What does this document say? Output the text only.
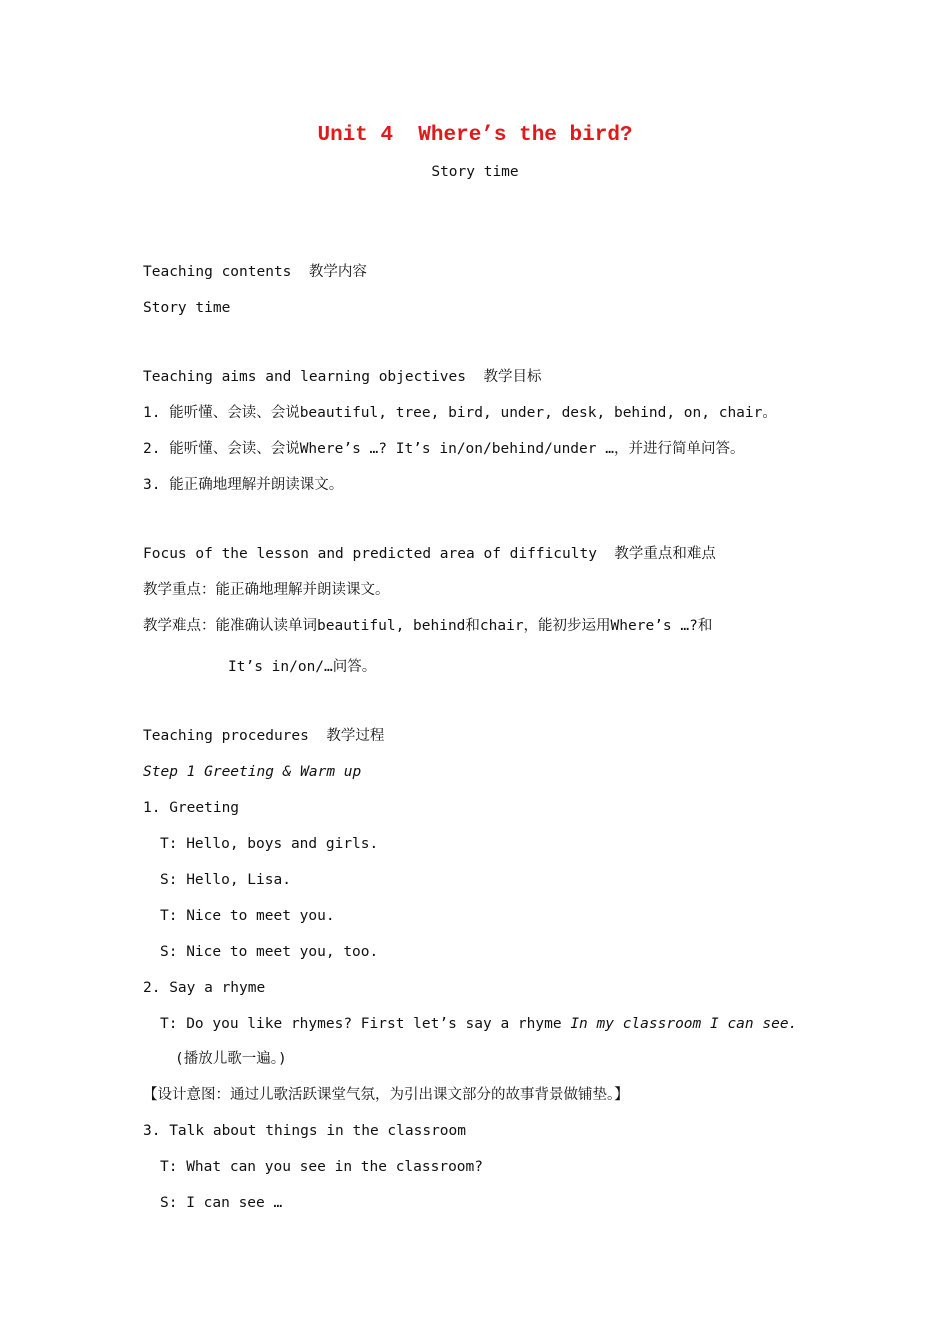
Unit 4  Where’s the bird?
Story time
Teaching contents  教学内容
Story time
Teaching aims and learning objectives  教学目标
1. 能听懂、会读、会说beautiful, tree, bird, under, desk, behind, on, chair。
2. 能听懂、会读、会说Where’s …? It’s in/on/behind/under …，并进行简单问答。
3. 能正确地理解并朗读课文。
Focus of the lesson and predicted area of difficulty  教学重点和难点
教学重点：能正确地理解并朗读课文。
教学难点：能准确认读单词beautiful, behind和chair，能初步运用Where’s …?和
It’s in/on/…问答。
Teaching procedures  教学过程
Step 1 Greeting & Warm up
1. Greeting
T: Hello, boys and girls.
S: Hello, Lisa.
T: Nice to meet you.
S: Nice to meet you, too.
2. Say a rhyme
T: Do you like rhymes? First let’s say a rhyme In my classroom I can see.
(播放儿歌一遍。)
【设计意图：通过儿歌活跃课堂气氛，为引出课文部分的故事背景做铺垫。】
3. Talk about things in the classroom
T: What can you see in the classroom?
S: I can see …
